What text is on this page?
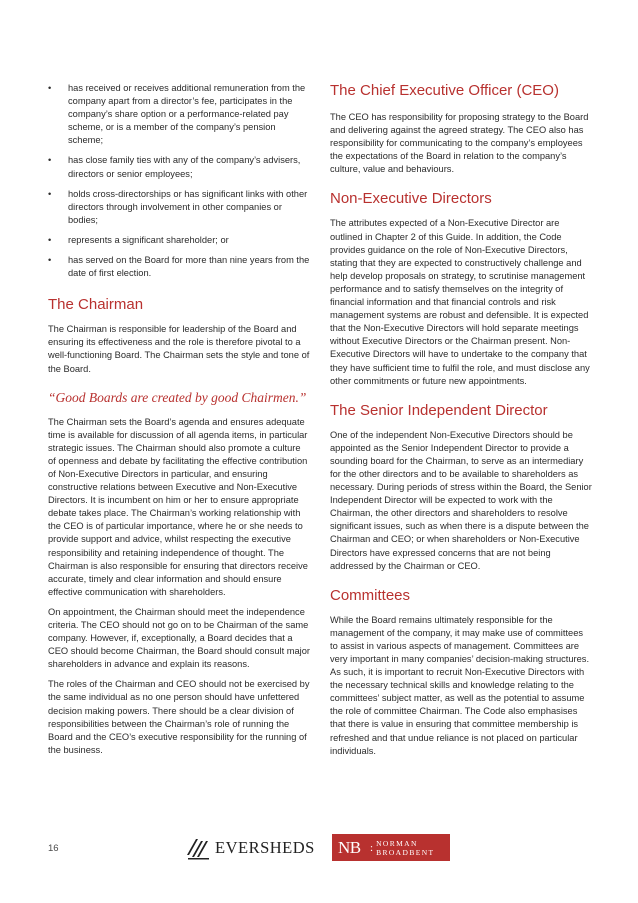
• has received or receives additional remuneration from the company apart from a director’s fee, participates in the company’s share option or a performance-related pay scheme, or is a member of the company’s pension scheme;
• has close family ties with any of the company’s advisers, directors or senior employees;
• holds cross-directorships or has significant links with other directors through involvement in other companies or bodies;
• represents a significant shareholder; or
• has served on the Board for more than nine years from the date of first election.
The Chairman

The Chairman is responsible for leadership of the Board and ensuring its effectiveness and the role is therefore pivotal to a well-functioning Board. The Chairman sets the style and tone of the Board.

“Good Boards are created by good Chairmen.”

The Chairman sets the Board’s agenda and ensures adequate time is available for discussion of all agenda items, in particular strategic issues. The Chairman should also promote a culture of openness and debate by facilitating the effective contribution of Non-Executive Directors in particular, and ensuring constructive relations between Executive and Non-Executive Directors. It is incumbent on him or her to ensure appropriate debate takes place. The Chairman’s working relationship with the CEO is of particular importance, where he or she needs to provide support and advice, whilst respecting the executive responsibility and retaining independence of thought. The Chairman is also responsible for ensuring that directors receive accurate, timely and clear information and should ensure effective communication with shareholders.

On appointment, the Chairman should meet the independence criteria. The CEO should not go on to be Chairman of the same company. However, if, exceptionally, a Board decides that a CEO should become Chairman, the Board should consult major shareholders in advance and explain its reasons.

The roles of the Chairman and CEO should not be exercised by the same individual as no one person should have unfettered decision making powers. There should be a clear division of responsibilities between the Chairman’s role of running the Board and the CEO’s executive responsibility for the running of the business.

The Chief Executive Officer (CEO)

The CEO has responsibility for proposing strategy to the Board and delivering against the agreed strategy. The CEO also has responsibility for communicating to the company’s employees the expectations of the Board in relation to the company’s culture, value and behaviours.

Non-Executive Directors

The attributes expected of a Non-Executive Director are outlined in Chapter 2 of this Guide. In addition, the Code provides guidance on the role of Non-Executive Directors, stating that they are expected to constructively challenge and help develop proposals on strategy, to scrutinise management performance and to satisfy themselves on the integrity of financial information and that financial controls and risk management systems are robust and defensible. It is expected that the Non-Executive Directors will hold separate meetings without Executive Directors or the Chairman present. Non-Executive Directors will have to undertake to the company that they have sufficient time to fulfil the role, and must disclose any other commitments or future new appointments.

The Senior Independent Director

One of the independent Non-Executive Directors should be appointed as the Senior Independent Director to provide a sounding board for the Chairman, to serve as an intermediary for the other directors and to be available to shareholders as necessary. During periods of stress within the Board, the Senior Independent Director will be expected to work with the Chairman, the other directors and shareholders to resolve significant issues, such as when there is a dispute between the Chairman and CEO; or when shareholders or Non-Executive Directors have expressed concerns that are not being addressed by the Chairman or CEO.

Committees

While the Board remains ultimately responsible for the management of the company, it may make use of committees to assist in various aspects of management. Committees are very important in many companies’ decision-making structures. As such, it is important to recruit Non-Executive Directors with the necessary technical skills and knowledge relating to the committees’ subject matter, as well as the potential to assume the role of committee Chairman. The Code also emphasises that there is value in ensuring that committee membership is refreshed and that undue reliance is not placed on particular individuals.

16	EVERSHEDS	NB : NORMAN
BROADBENT
